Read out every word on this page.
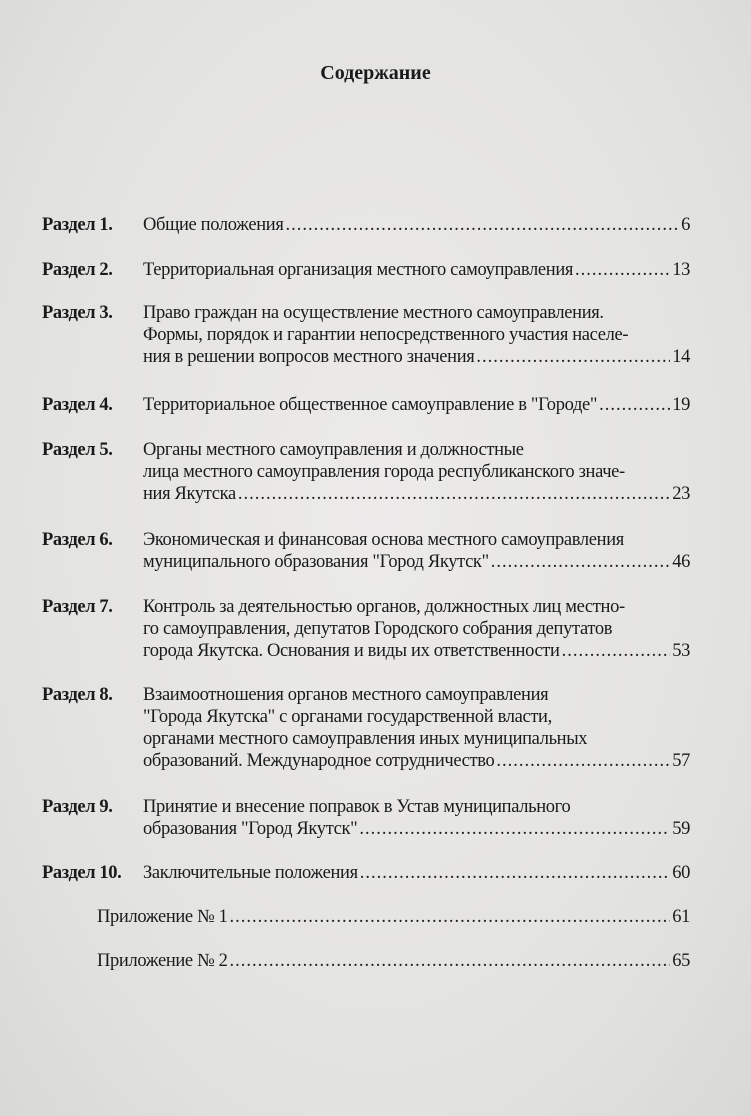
Содержание
Раздел 1. Общие положения .....	6
Раздел 2. Территориальная организация местного самоуправления .....	13
Раздел 3. Право граждан на осуществление местного самоуправления.
Формы, порядок и гарантии непосредственного участия населе-
ния в решении вопросов местного значения .....	14
Раздел 4. Территориальное общественное самоуправление в "Городе" .....	19
Раздел 5. Органы местного самоуправления и должностные
лица местного самоуправления города республиканского значе-
ния Якутска .....	23
Раздел 6. Экономическая и финансовая основа местного самоуправления
муниципального образования "Город Якутск" .....	46
Раздел 7. Контроль за деятельностью органов, должностных лиц местно-
го самоуправления, депутатов Городского собрания депутатов
города Якутска. Основания и виды их ответственности .....	53
Раздел 8. Взаимоотношения органов местного самоуправления
"Города Якутска" с органами государственной власти,
органами местного самоуправления иных муниципальных
образований. Международное сотрудничество .....	57
Раздел 9. Принятие и внесение поправок в Устав муниципального
образования "Город Якутск" .....	59
Раздел 10. Заключительные положения .....	60
Приложение № 1 .....	61
Приложение № 2 .....	65
